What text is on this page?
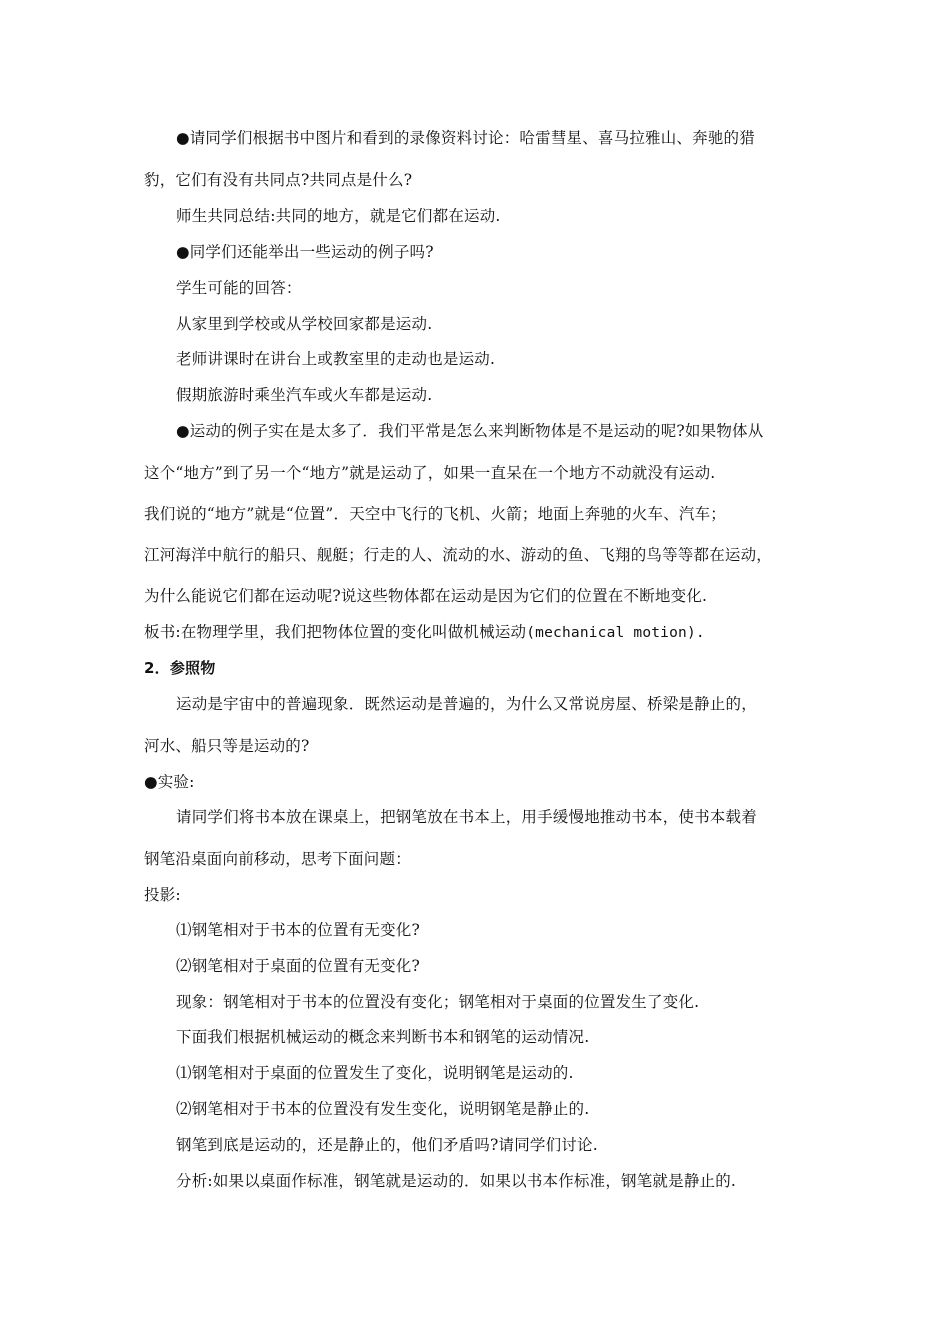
●请同学们根据书中图片和看到的录像资料讨论：哈雷彗星、喜马拉雅山、奔驰的猎
豹，它们有没有共同点?共同点是什么?
师生共同总结:共同的地方，就是它们都在运动.
●同学们还能举出一些运动的例子吗?
学生可能的回答：
从家里到学校或从学校回家都是运动.
老师讲课时在讲台上或教室里的走动也是运动.
假期旅游时乘坐汽车或火车都是运动.
●运动的例子实在是太多了．我们平常是怎么来判断物体是不是运动的呢?如果物体从
这个“地方”到了另一个“地方”就是运动了，如果一直呆在一个地方不动就没有运动.
我们说的“地方”就是“位置”．天空中飞行的飞机、火箭；地面上奔驰的火车、汽车；
江河海洋中航行的船只、舰艇；行走的人、流动的水、游动的鱼、飞翔的鸟等等都在运动，
为什么能说它们都在运动呢?说这些物体都在运动是因为它们的位置在不断地变化.
板书:在物理学里，我们把物体位置的变化叫做机械运动(mechanical motion).
2．参照物
运动是宇宙中的普遍现象．既然运动是普遍的，为什么又常说房屋、桥梁是静止的，
河水、船只等是运动的?
●实验:
请同学们将书本放在课桌上，把钢笔放在书本上，用手缓慢地推动书本，使书本载着
钢笔沿桌面向前移动，思考下面问题：
投影:
⑴钢笔相对于书本的位置有无变化?
⑵钢笔相对于桌面的位置有无变化?
现象：钢笔相对于书本的位置没有变化；钢笔相对于桌面的位置发生了变化.
下面我们根据机械运动的概念来判断书本和钢笔的运动情况.
⑴钢笔相对于桌面的位置发生了变化，说明钢笔是运动的.
⑵钢笔相对于书本的位置没有发生变化，说明钢笔是静止的.
钢笔到底是运动的，还是静止的，他们矛盾吗?请同学们讨论.
分析:如果以桌面作标准，钢笔就是运动的．如果以书本作标准，钢笔就是静止的.
